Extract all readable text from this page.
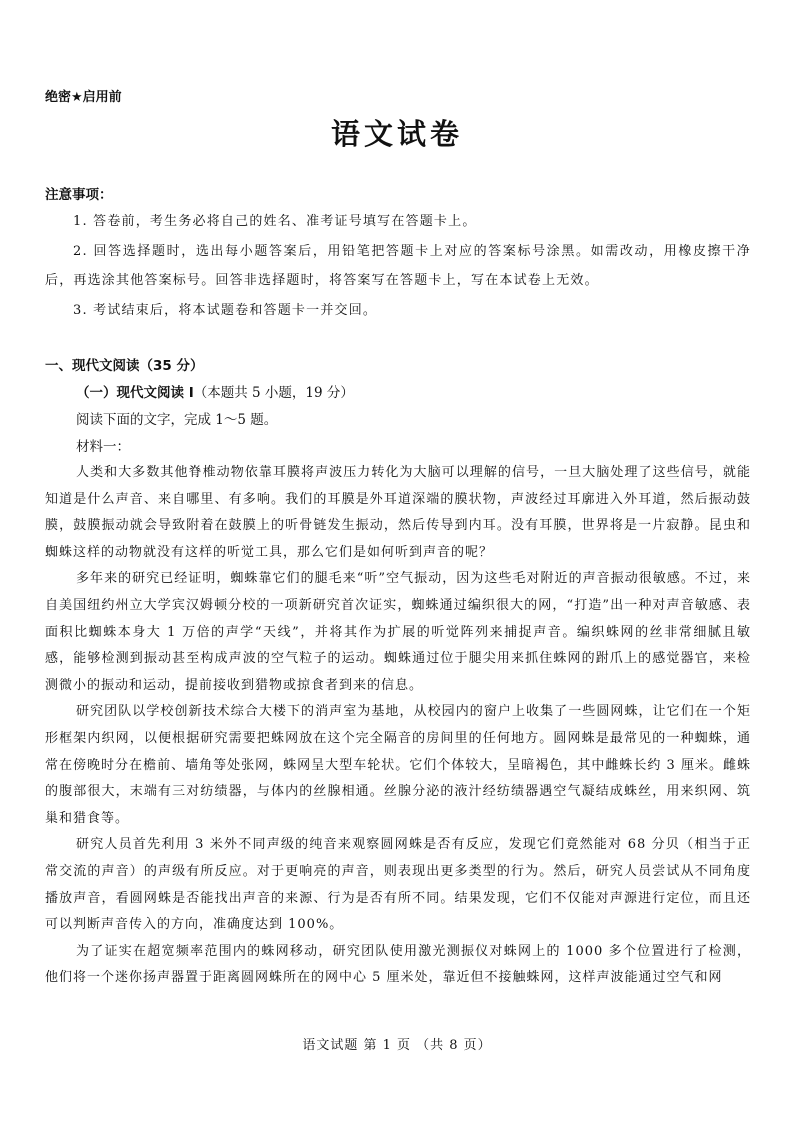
绝密★启用前
语文试卷
注意事项：

1. 答卷前，考生务必将自己的姓名、准考证号填写在答题卡上。

2. 回答选择题时，选出每小题答案后，用铅笔把答题卡上对应的答案标号涂黑。如需改动，用橡皮擦干净后，再选涂其他答案标号。回答非选择题时，将答案写在答题卡上，写在本试卷上无效。

3. 考试结束后，将本试题卷和答题卡一并交回。

一、现代文阅读（35 分）
（一）现代文阅读 I（本题共 5 小题，19 分）
阅读下面的文字，完成 1～5 题。
材料一：

人类和大多数其他脊椎动物依靠耳膜将声波压力转化为大脑可以理解的信号，一旦大脑处理了这些信号，就能知道是什么声音、来自哪里、有多响。我们的耳膜是外耳道深端的膜状物，声波经过耳廓进入外耳道，然后振动鼓膜，鼓膜振动就会导致附着在鼓膜上的听骨链发生振动，然后传导到内耳。没有耳膜，世界将是一片寂静。昆虫和蜘蛛这样的动物就没有这样的听觉工具，那么它们是如何听到声音的呢？

多年来的研究已经证明，蜘蛛靠它们的腿毛来“听”空气振动，因为这些毛对附近的声音振动很敏感。不过，来自美国纽约州立大学宾汉姆顿分校的一项新研究首次证实，蜘蛛通过编织很大的网，“打造”出一种对声音敏感、表面积比蜘蛛本身大 1 万倍的声学“天线”，并将其作为扩展的听觉阵列来捕捉声音。编织蛛网的丝非常细腻且敏感，能够检测到振动甚至构成声波的空气粒子的运动。蜘蛛通过位于腿尖用来抓住蛛网的跗爪上的感觉器官，来检测微小的振动和运动，提前接收到猎物或掠食者到来的信息。

研究团队以学校创新技术综合大楼下的消声室为基地，从校园内的窗户上收集了一些圆网蛛，让它们在一个矩形框架内织网，以便根据研究需要把蛛网放在这个完全隔音的房间里的任何地方。圆网蛛是最常见的一种蜘蛛，通常在傍晚时分在檐前、墙角等处张网，蛛网呈大型车轮状。它们个体较大，呈暗褐色，其中雌蛛长约 3 厘米。雌蛛的腹部很大，末端有三对纺绩器，与体内的丝腺相通。丝腺分泌的液汁经纺绩器遇空气凝结成蛛丝，用来织网、筑巢和猎食等。

研究人员首先利用 3 米外不同声级的纯音来观察圆网蛛是否有反应，发现它们竟然能对 68 分贝（相当于正常交流的声音）的声级有所反应。对于更响亮的声音，则表现出更多类型的行为。然后，研究人员尝试从不同角度播放声音，看圆网蛛是否能找出声音的来源、行为是否有所不同。结果发现，它们不仅能对声源进行定位，而且还可以判断声音传入的方向，准确度达到 100%。

为了证实在超宽频率范围内的蛛网移动，研究团队使用激光测振仪对蛛网上的 1000 多个位置进行了检测，他们将一个迷你扬声器置于距离圆网蛛所在的网中心 5 厘米处，靠近但不接触蛛网，这样声波能通过空气和网

语文试题 第 1 页 （共 8 页）
